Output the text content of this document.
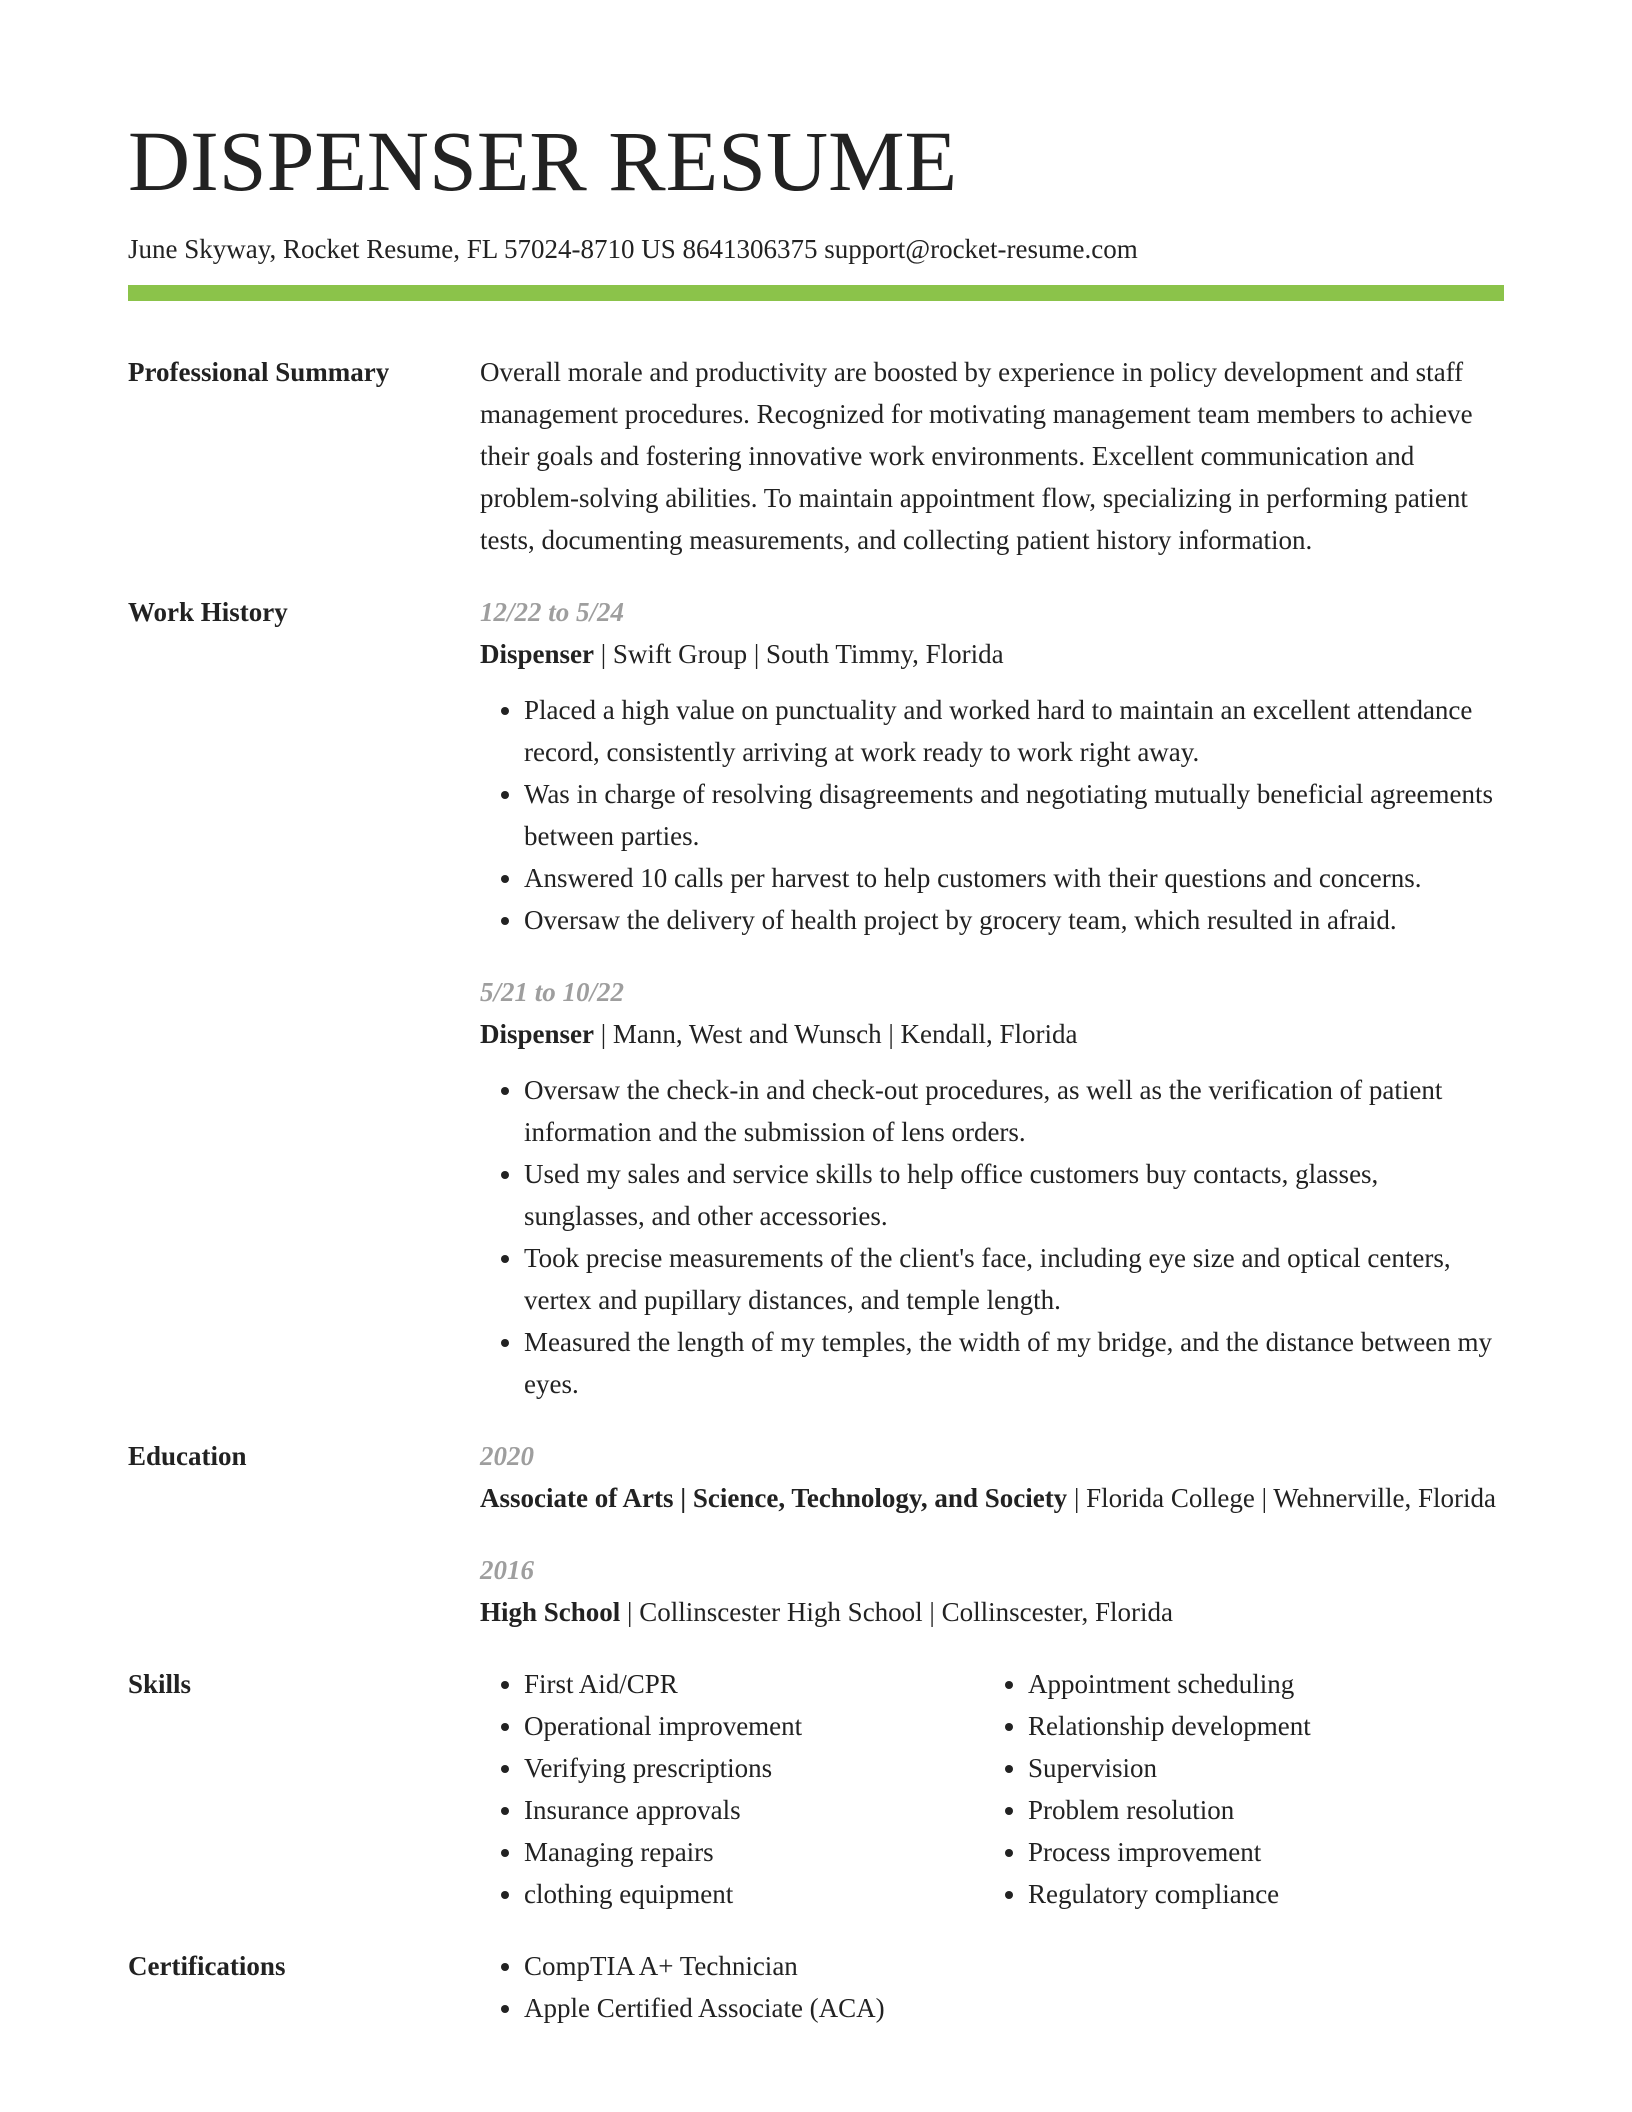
DISPENSER RESUME
June Skyway, Rocket Resume, FL 57024-8710 US 8641306375 support@rocket-resume.com
Professional Summary	Overall morale and productivity are boosted by experience in policy development and staff management procedures. Recognized for motivating management team members to achieve their goals and fostering innovative work environments. Excellent communication and problem-solving abilities. To maintain appointment flow, specializing in performing patient tests, documenting measurements, and collecting patient history information.
Work History	12/22 to 5/24
Dispenser | Swift Group | South Timmy, Florida
• Placed a high value on punctuality and worked hard to maintain an excellent attendance record, consistently arriving at work ready to work right away.
• Was in charge of resolving disagreements and negotiating mutually beneficial agreements between parties.
• Answered 10 calls per harvest to help customers with their questions and concerns.
• Oversaw the delivery of health project by grocery team, which resulted in afraid.
5/21 to 10/22
Dispenser | Mann, West and Wunsch | Kendall, Florida
• Oversaw the check-in and check-out procedures, as well as the verification of patient information and the submission of lens orders.
• Used my sales and service skills to help office customers buy contacts, glasses, sunglasses, and other accessories.
• Took precise measurements of the client's face, including eye size and optical centers, vertex and pupillary distances, and temple length.
• Measured the length of my temples, the width of my bridge, and the distance between my eyes.
Education	2020
Associate of Arts | Science, Technology, and Society | Florida College | Wehnerville, Florida
2016
High School | Collinscester High School | Collinscester, Florida
Skills	• First Aid/CPR
• Operational improvement
• Verifying prescriptions
• Insurance approvals
• Managing repairs
• clothing equipment
• Appointment scheduling
• Relationship development
• Supervision
• Problem resolution
• Process improvement
• Regulatory compliance
Certifications	• CompTIA A+ Technician
• Apple Certified Associate (ACA)
